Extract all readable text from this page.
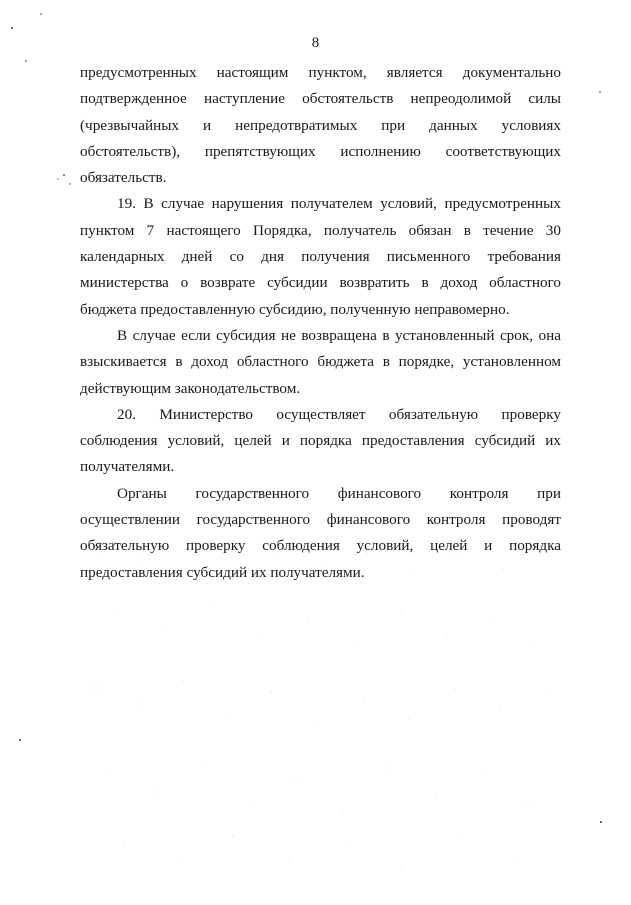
8

предусмотренных настоящим пунктом, является документально подтвержденное наступление обстоятельств непреодолимой силы (чрезвычайных и непредотвратимых при данных условиях обстоятельств), препятствующих исполнению соответствующих обязательств.

19. В случае нарушения получателем условий, предусмотренных пунктом 7 настоящего Порядка, получатель обязан в течение 30 календарных дней со дня получения письменного требования министерства о возврате субсидии возвратить в доход областного бюджета предоставленную субсидию, полученную неправомерно.

В случае если субсидия не возвращена в установленный срок, она взыскивается в доход областного бюджета в порядке, установленном действующим законодательством.

20. Министерство осуществляет обязательную проверку соблюдения условий, целей и порядка предоставления субсидий их получателями.

Органы государственного финансового контроля при осуществлении государственного финансового контроля проводят обязательную проверку соблюдения условий, целей и порядка предоставления субсидий их получателями.
